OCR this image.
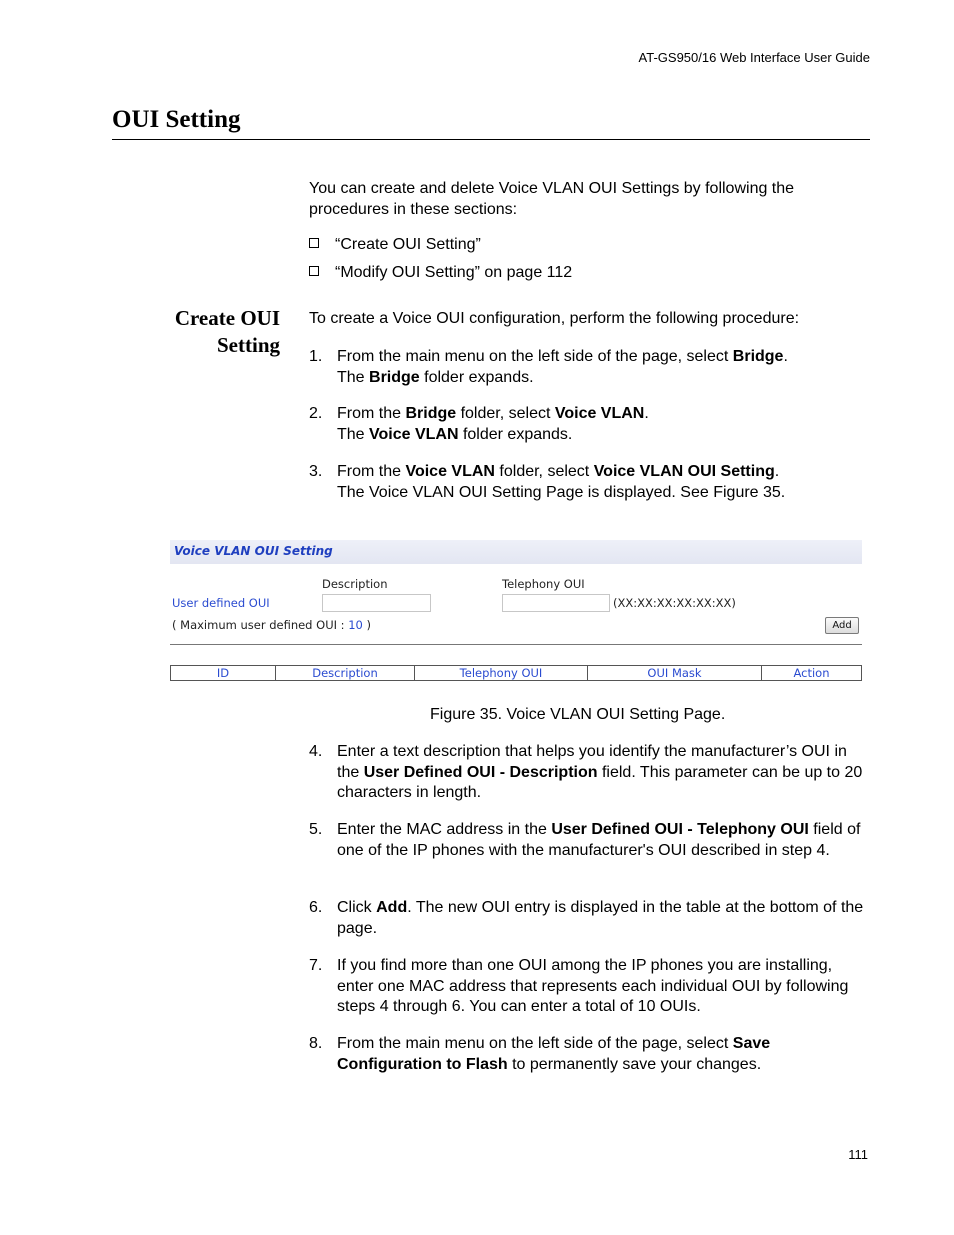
AT-GS950/16 Web Interface User Guide
OUI Setting
You can create and delete Voice VLAN OUI Settings by following the procedures in these sections:
“Create OUI Setting”
“Modify OUI Setting” on page 112
Create OUI
Setting
To create a Voice OUI configuration, perform the following procedure:
1. From the main menu on the left side of the page, select Bridge.
The Bridge folder expands.
2. From the Bridge folder, select Voice VLAN.
The Voice VLAN folder expands.
3. From the Voice VLAN folder, select Voice VLAN OUI Setting.
The Voice VLAN OUI Setting Page is displayed. See Figure 35.
Voice VLAN OUI Setting
Description	Telephony OUI
User defined OUI	(XX:XX:XX:XX:XX:XX)
( Maximum user defined OUI : 10 )	Add
ID	Description	Telephony OUI	OUI Mask	Action
Figure 35. Voice VLAN OUI Setting Page.
4. Enter a text description that helps you identify the manufacturer’s OUI in the User Defined OUI - Description field. This parameter can be up to 20 characters in length.
5. Enter the MAC address in the User Defined OUI - Telephony OUI field of one of the IP phones with the manufacturer's OUI described in step 4.
6. Click Add. The new OUI entry is displayed in the table at the bottom of the page.
7. If you find more than one OUI among the IP phones you are installing, enter one MAC address that represents each individual OUI by following steps 4 through 6. You can enter a total of 10 OUIs.
8. From the main menu on the left side of the page, select Save Configuration to Flash to permanently save your changes.
111
